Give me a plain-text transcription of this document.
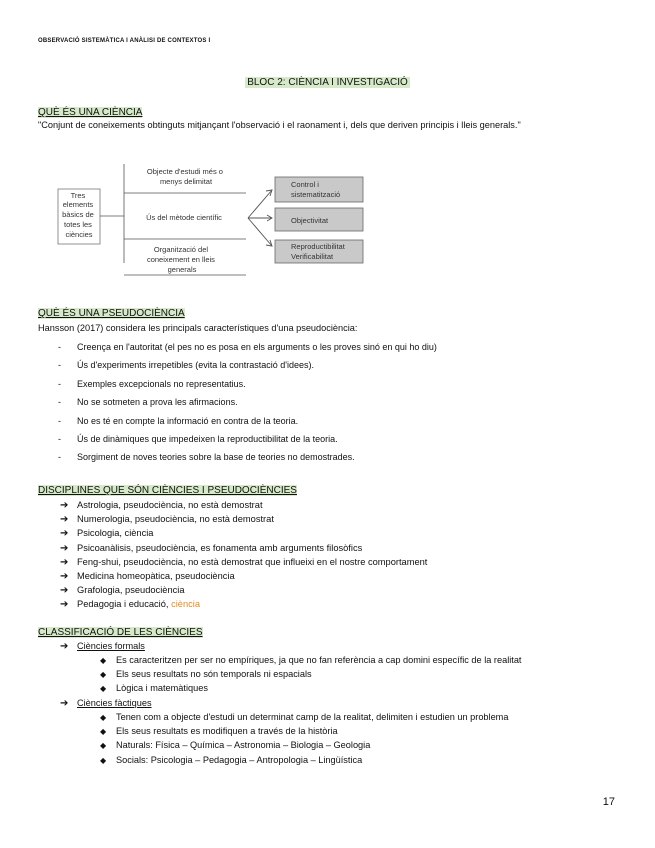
OBSERVACIÓ SISTEMÀTICA I ANÀLISI DE CONTEXTOS I
BLOC 2: CIÈNCIA I INVESTIGACIÓ
QUÈ ÉS UNA CIÈNCIA
"Conjunt de coneixements obtinguts mitjançant l'observació i el raonament i, dels que deriven principis i lleis generals."
Tres elements bàsics de totes les ciències
Objecte d'estudi més o menys delimitat
Ús del mètode científic
Organització del coneixement en lleis generals
Control i sistematització
Objectivitat
Reproductibilitat Verificabilitat
QUÈ ÉS UNA PSEUDOCIÈNCIA
Hansson (2017) considera les principals característiques d'una pseudociència:
- Creença en l'autoritat (el pes no es posa en els arguments o les proves sinó en qui ho diu)
- Ús d'experiments irrepetibles (evita la contrastació d'idees).
- Exemples excepcionals no representatius.
- No se sotmeten a prova les afirmacions.
- No es té en compte la informació en contra de la teoria.
- Ús de dinàmiques que impedeixen la reproductibilitat de la teoria.
- Sorgiment de noves teories sobre la base de teories no demostrades.
DISCIPLINES QUE SÓN CIÈNCIES I PSEUDOCIÈNCIES
➔ Astrologia, pseudociència, no està demostrat
➔ Numerologia, pseudociència, no està demostrat
➔ Psicologia, ciència
➔ Psicoanàlisis, pseudociència, es fonamenta amb arguments filosòfics
➔ Feng-shui, pseudociència, no està demostrat que influeixi en el nostre comportament
➔ Medicina homeopàtica, pseudociència
➔ Grafologia, pseudociència
➔ Pedagogia i educació, ciència
CLASSIFICACIÓ DE LES CIÈNCIES
➔ Ciències formals
◆ Es caracteritzen per ser no empíriques, ja que no fan referència a cap domini específic de la realitat
◆ Els seus resultats no són temporals ni espacials
◆ Lògica i matemàtiques
➔ Ciències fàctiques
◆ Tenen com a objecte d'estudi un determinat camp de la realitat, delimiten i estudien un problema
◆ Els seus resultats es modifiquen a través de la història
◆ Naturals: Física – Química – Astronomia – Biologia – Geologia
◆ Socials: Psicologia – Pedagogia – Antropologia – Lingüística
17
